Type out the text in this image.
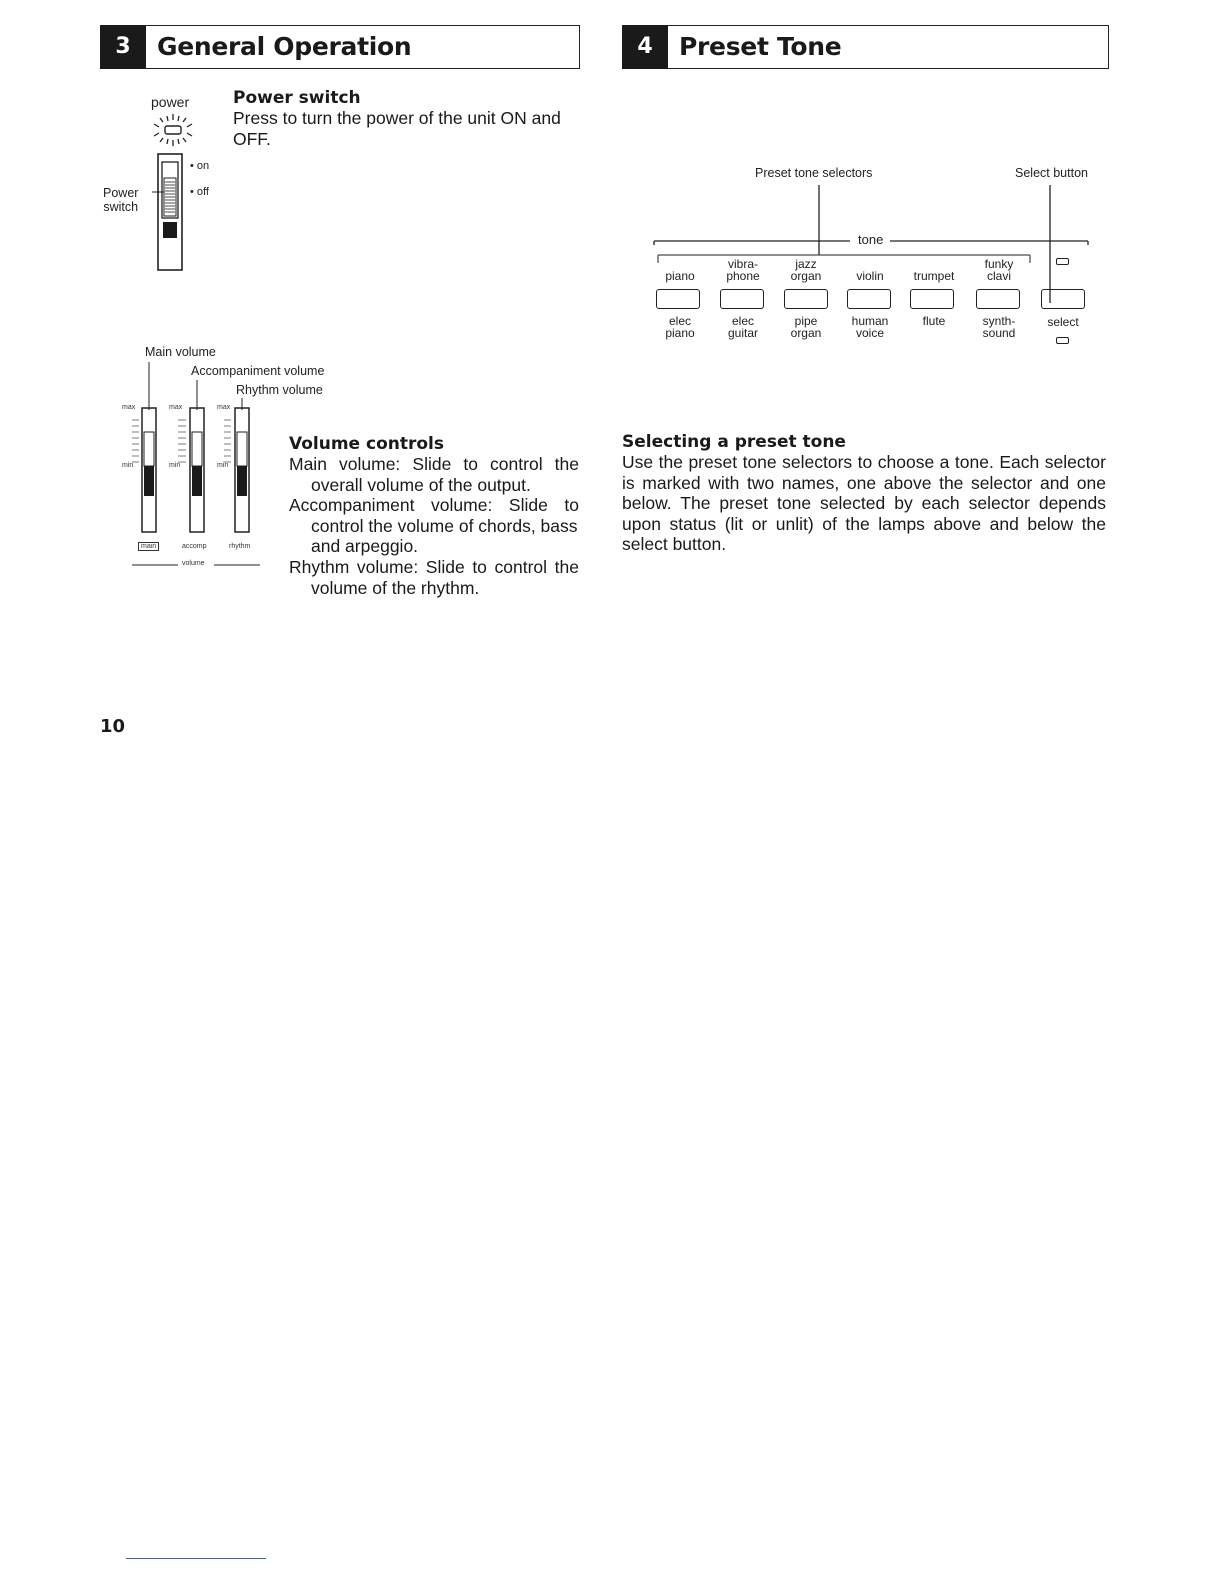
3	General Operation	4	Preset Tone
power
• on
• off
Power
switch
Power switch
Press to turn the power of the unit ON and OFF.
Main volume
Accompaniment volume
Rhythm volume
max	max	max
min	min	min
main	accomp	rhythm
volume
Volume controls
Main volume: Slide to control the
overall volume of the output.
Accompaniment volume: Slide to
control the volume of chords, bass and arpeggio.
Rhythm volume: Slide to control the
volume of the rhythm.
Preset tone selectors	Select button
tone

piano
vibra-
phone
jazz
organ
	violin
	trumpet
funky
clavi
elec
piano
elec
guitar
pipe
organ
human
voice
flute	synth-
sound
select
Selecting a preset tone
Use the preset tone selectors to choose a tone. Each selector is marked with two names, one above the selector and one below. The preset tone selected by each selector depends upon status (lit or unlit) of the lamps above and below the select button.
10
